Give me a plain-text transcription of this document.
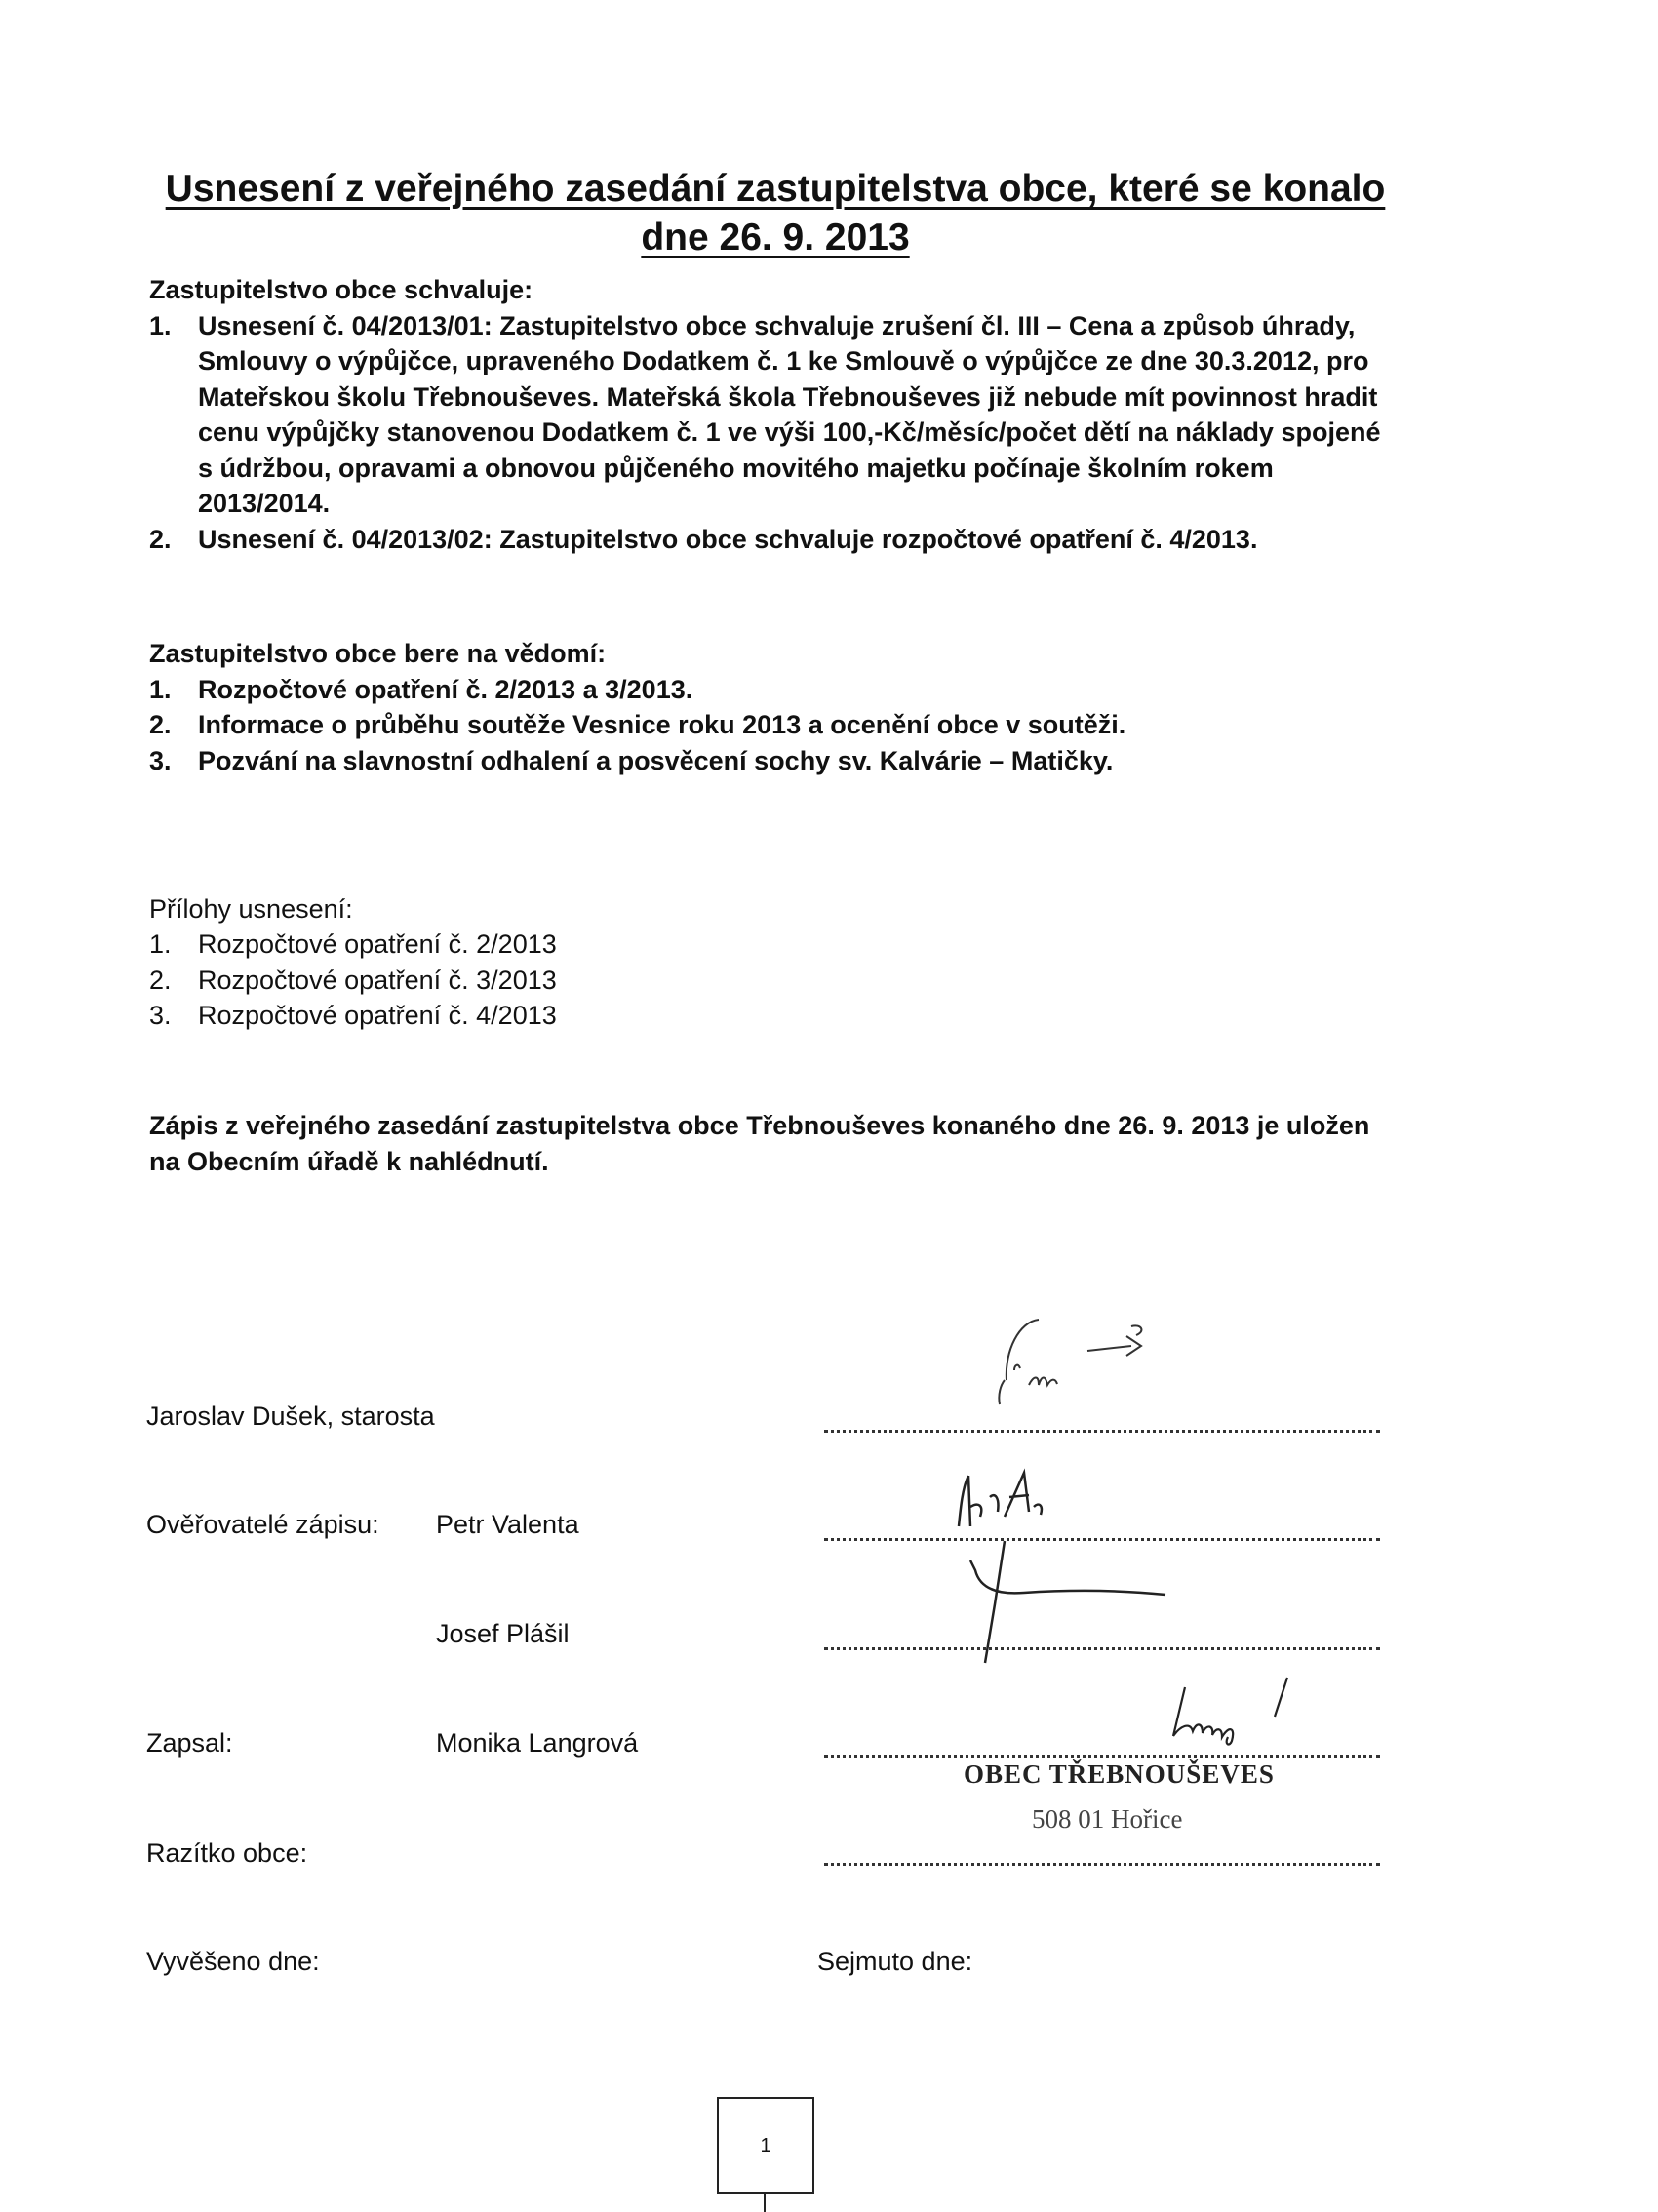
Usnesení z veřejného zasedání zastupitelstva obce, které se konalo
dne 26. 9. 2013
Zastupitelstvo obce schvaluje:
1. Usnesení č. 04/2013/01: Zastupitelstvo obce schvaluje zrušení čl. III – Cena a způsob úhrady,
Smlouvy o výpůjčce, upraveného Dodatkem č. 1 ke Smlouvě o výpůjčce ze dne 30.3.2012, pro
Mateřskou školu Třebnouševes. Mateřská škola Třebnouševes již nebude mít povinnost hradit
cenu výpůjčky stanovenou Dodatkem č. 1 ve výši 100,-Kč/měsíc/počet dětí na náklady spojené
s údržbou, opravami a obnovou půjčeného movitého majetku počínaje školním rokem
2013/2014.
2. Usnesení č. 04/2013/02: Zastupitelstvo obce schvaluje rozpočtové opatření č. 4/2013.
Zastupitelstvo obce bere na vědomí:
1. Rozpočtové opatření č. 2/2013 a 3/2013.
2. Informace o průběhu soutěže Vesnice roku 2013 a ocenění obce v soutěži.
3. Pozvání na slavnostní odhalení a posvěcení sochy sv. Kalvárie – Matičky.
Přílohy usnesení:
1. Rozpočtové opatření č. 2/2013
2. Rozpočtové opatření č. 3/2013
3. Rozpočtové opatření č. 4/2013
Zápis z veřejného zasedání zastupitelstva obce Třebnouševes konaného dne 26. 9. 2013 je uložen
na Obecním úřadě k nahlédnutí.
Jaroslav Dušek, starosta
Ověřovatelé zápisu: Petr Valenta
Josef Plášil
Zapsal:	Monika Langrová
Razítko obce:
Vyvěšeno dne:	Sejmuto dne:
OBEC TŘEBNOUŠEVES
508 01 Hořice
1
